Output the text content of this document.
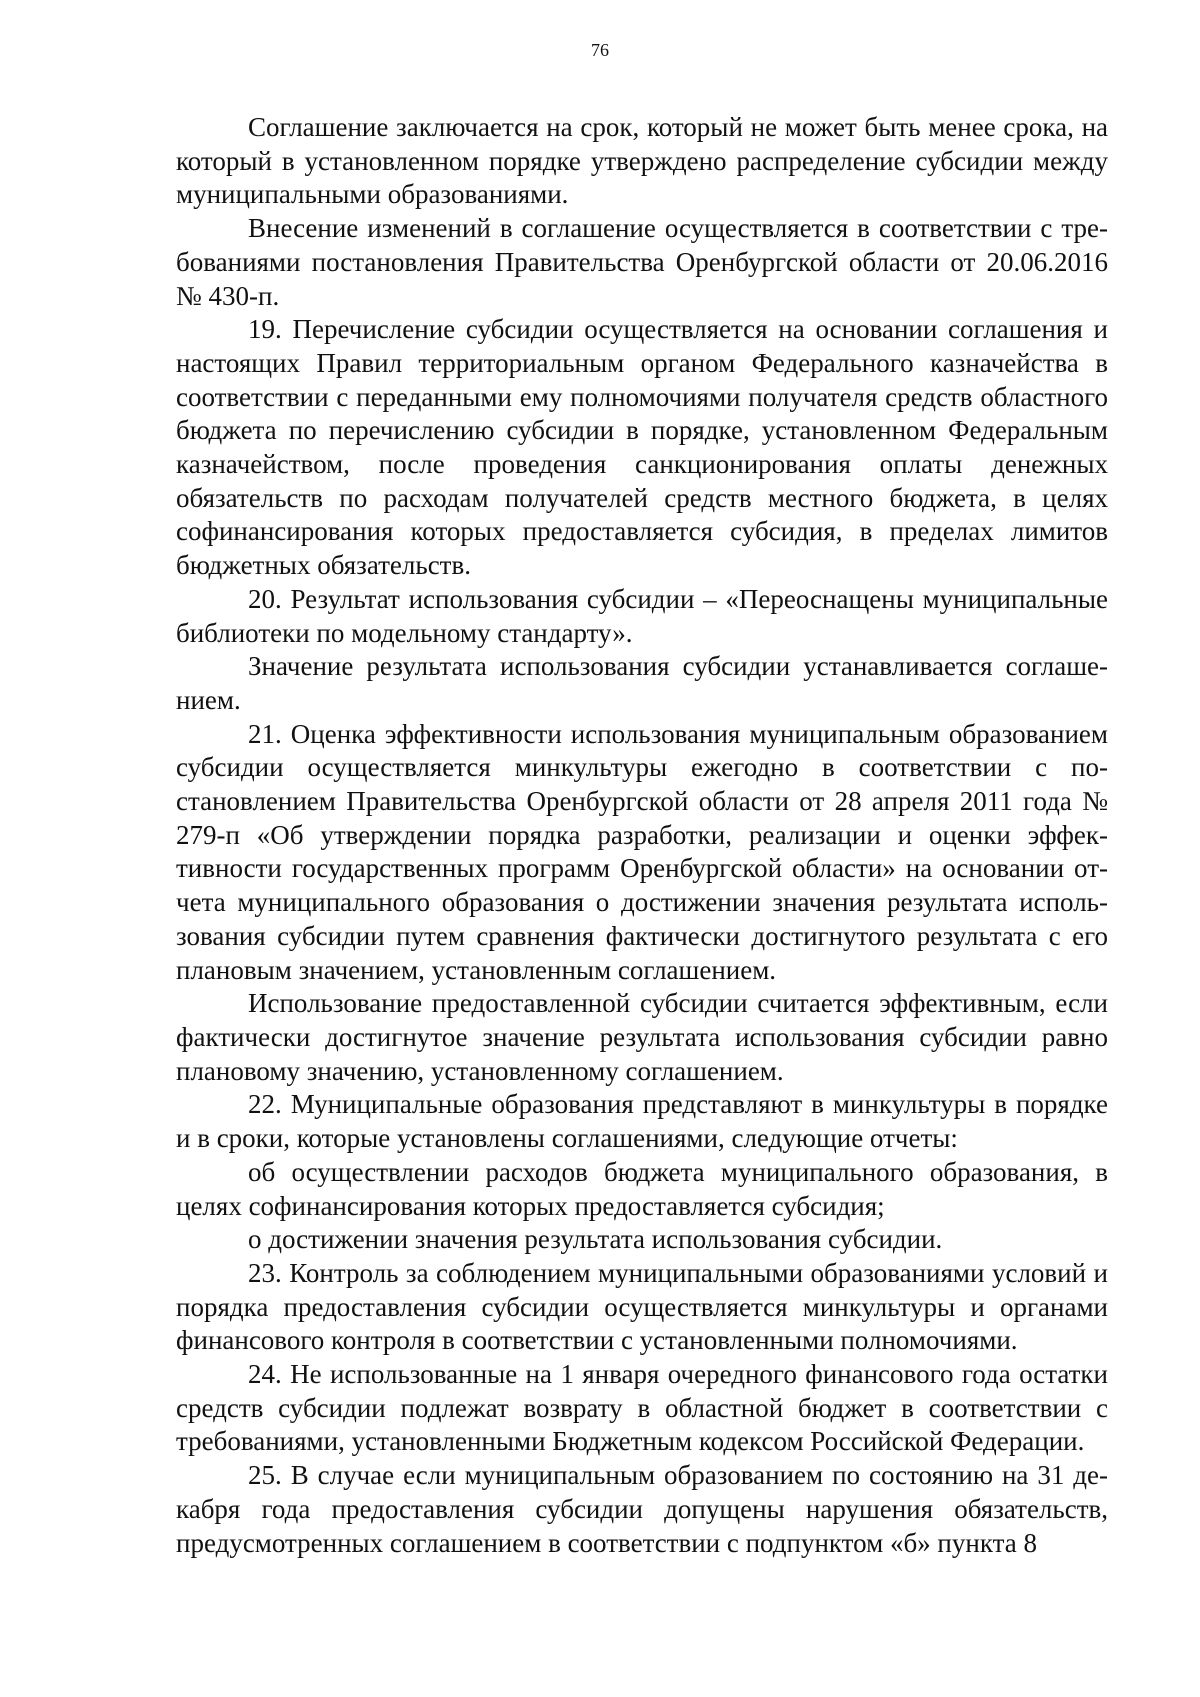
76

Соглашение заключается на срок, который не может быть менее срока, на который в установленном порядке утверждено распределение субсидии между муниципальными образованиями.

Внесение изменений в соглашение осуществляется в соответствии с требованиями постановления Правительства Оренбургской области от 20.06.2016 № 430-п.

19. Перечисление субсидии осуществляется на основании соглашения и настоящих Правил территориальным органом Федерального казначейства в соответствии с переданными ему полномочиями получателя средств областного бюджета по перечислению субсидии в порядке, установленном Федеральным казначейством, после проведения санкционирования оплаты денежных обязательств по расходам получателей средств местного бюджета, в целях софинансирования которых предоставляется субсидия, в пределах лимитов бюджетных обязательств.

20. Результат использования субсидии – «Переоснащены муниципальные библиотеки по модельному стандарту».

Значение результата использования субсидии устанавливается соглашением.

21. Оценка эффективности использования муниципальным образованием субсидии осуществляется минкультуры ежегодно в соответствии с постановлением Правительства Оренбургской области от 28 апреля 2011 года № 279-п «Об утверждении порядка разработки, реализации и оценки эффективности государственных программ Оренбургской области» на основании отчета муниципального образования о достижении значения результата использования субсидии путем сравнения фактически достигнутого результата с его плановым значением, установленным соглашением.

Использование предоставленной субсидии считается эффективным, если фактически достигнутое значение результата использования субсидии равно плановому значению, установленному соглашением.

22. Муниципальные образования представляют в минкультуры в порядке и в сроки, которые установлены соглашениями, следующие отчеты:

об осуществлении расходов бюджета муниципального образования, в целях софинансирования которых предоставляется субсидия;

о достижении значения результата использования субсидии.

23. Контроль за соблюдением муниципальными образованиями условий и порядка предоставления субсидии осуществляется минкультуры и органами финансового контроля в соответствии с установленными полномочиями.

24. Не использованные на 1 января очередного финансового года остатки средств субсидии подлежат возврату в областной бюджет в соответствии с требованиями, установленными Бюджетным кодексом Российской Федерации.

25. В случае если муниципальным образованием по состоянию на 31 декабря года предоставления субсидии допущены нарушения обязательств, предусмотренных соглашением в соответствии с подпунктом «б» пункта 8
